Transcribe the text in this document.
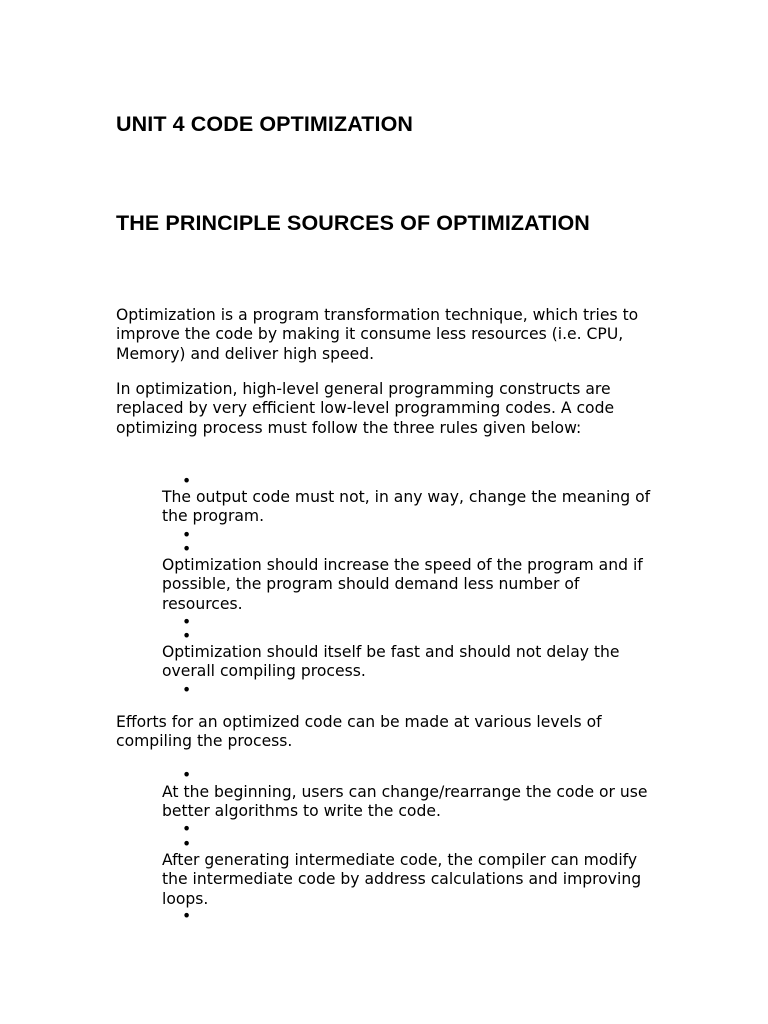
UNIT 4 CODE OPTIMIZATION
THE PRINCIPLE SOURCES OF OPTIMIZATION

Optimization is a program transformation technique, which tries to improve the code by making it consume less resources (i.e. CPU, Memory) and deliver high speed.

In optimization, high-level general programming constructs are replaced by very efficient low-level programming codes. A code optimizing process must follow the three rules given below:

•

The output code must not, in any way, change the meaning of the program.

•
•

Optimization should increase the speed of the program and if possible, the program should demand less number of resources.

•
•

Optimization should itself be fast and should not delay the overall compiling process.

•

Efforts for an optimized code can be made at various levels of compiling the process.

•

At the beginning, users can change/rearrange the code or use better algorithms to write the code.

•
•

After generating intermediate code, the compiler can modify the intermediate code by address calculations and improving loops.

•
